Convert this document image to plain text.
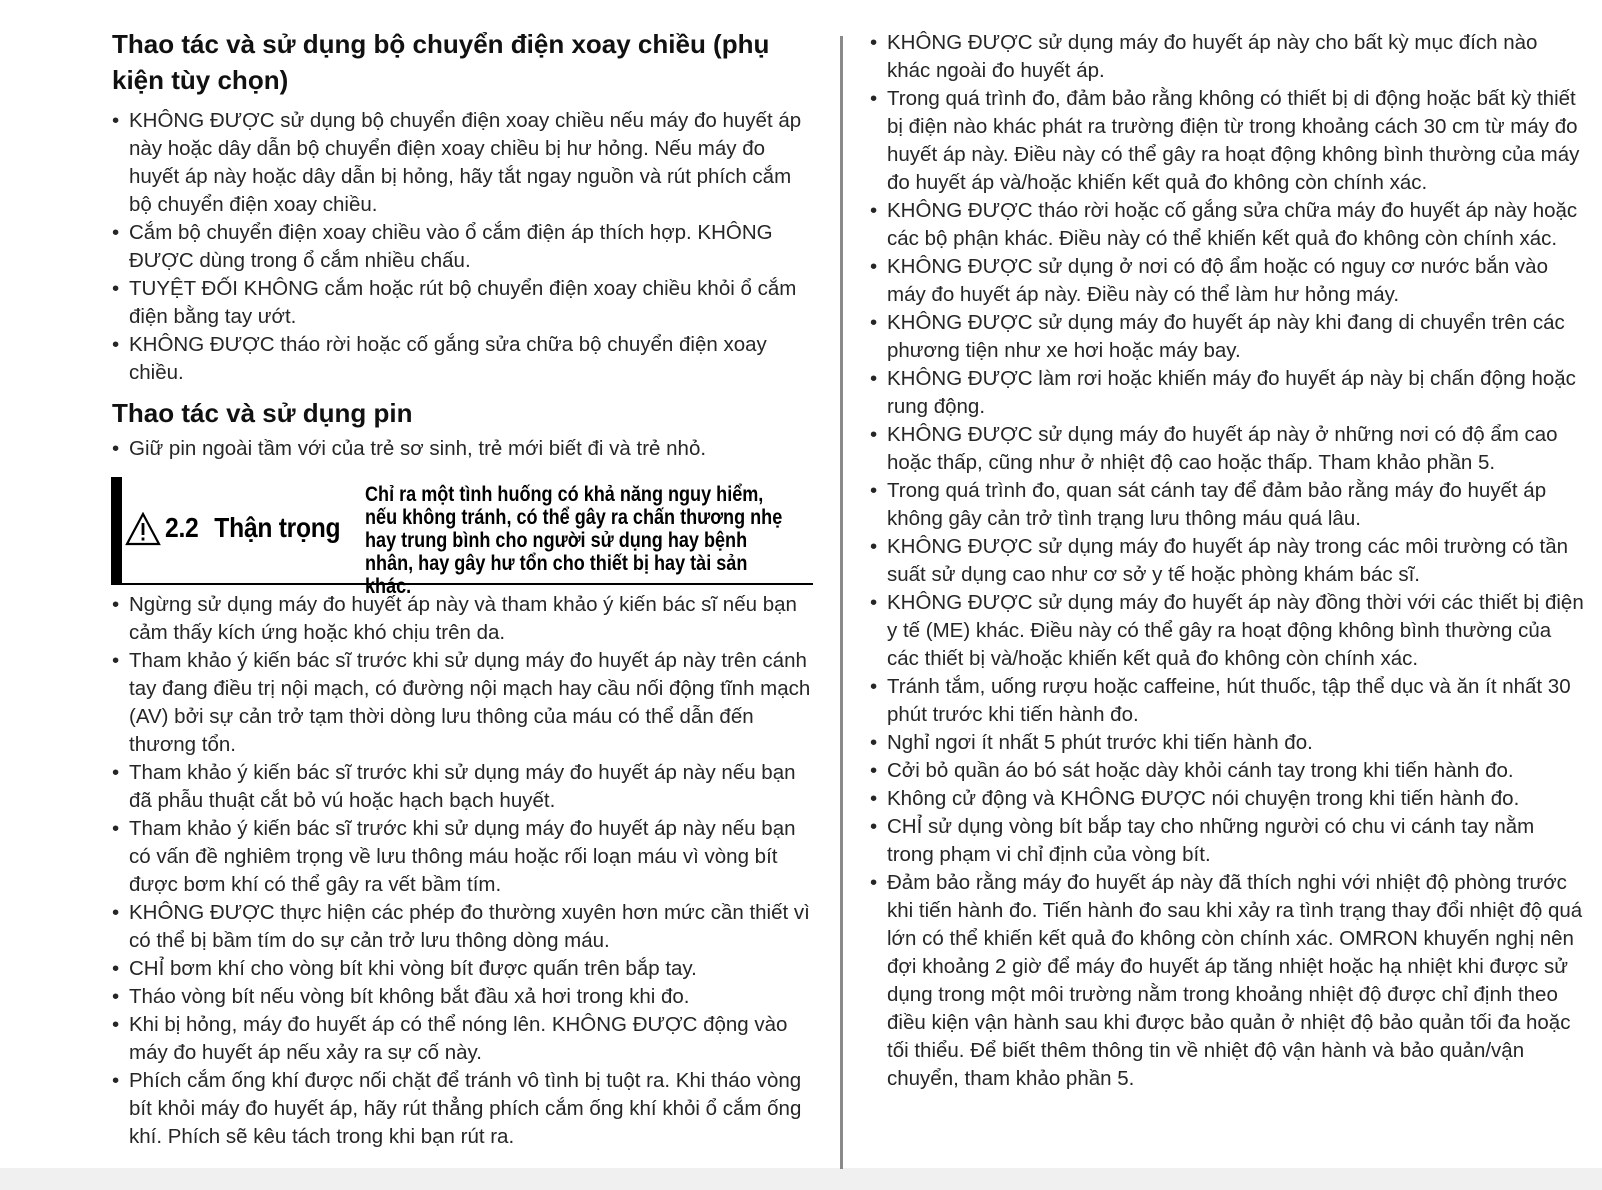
Thao tác và sử dụng bộ chuyển điện xoay chiều (phụ kiện tùy chọn)
• KHÔNG ĐƯỢC sử dụng bộ chuyển điện xoay chiều nếu máy đo huyết áp này hoặc dây dẫn bộ chuyển điện xoay chiều bị hư hỏng. Nếu máy đo huyết áp này hoặc dây dẫn bị hỏng, hãy tắt ngay nguồn và rút phích cắm bộ chuyển điện xoay chiều.
• Cắm bộ chuyển điện xoay chiều vào ổ cắm điện áp thích hợp. KHÔNG ĐƯỢC dùng trong ổ cắm nhiều chấu.
• TUYỆT ĐỐI KHÔNG cắm hoặc rút bộ chuyển điện xoay chiều khỏi ổ cắm điện bằng tay ướt.
• KHÔNG ĐƯỢC tháo rời hoặc cố gắng sửa chữa bộ chuyển điện xoay chiều.
Thao tác và sử dụng pin
• Giữ pin ngoài tầm với của trẻ sơ sinh, trẻ mới biết đi và trẻ nhỏ.
2.2 Thận trọng
Chỉ ra một tình huống có khả năng nguy hiểm, nếu không tránh, có thể gây ra chấn thương nhẹ hay trung bình cho người sử dụng hay bệnh nhân, hay gây hư tổn cho thiết bị hay tài sản khác.
• Ngừng sử dụng máy đo huyết áp này và tham khảo ý kiến bác sĩ nếu bạn cảm thấy kích ứng hoặc khó chịu trên da.
• Tham khảo ý kiến bác sĩ trước khi sử dụng máy đo huyết áp này trên cánh tay đang điều trị nội mạch, có đường nội mạch hay cầu nối động tĩnh mạch (AV) bởi sự cản trở tạm thời dòng lưu thông của máu có thể dẫn đến thương tổn.
• Tham khảo ý kiến bác sĩ trước khi sử dụng máy đo huyết áp này nếu bạn đã phẫu thuật cắt bỏ vú hoặc hạch bạch huyết.
• Tham khảo ý kiến bác sĩ trước khi sử dụng máy đo huyết áp này nếu bạn có vấn đề nghiêm trọng về lưu thông máu hoặc rối loạn máu vì vòng bít được bơm khí có thể gây ra vết bầm tím.
• KHÔNG ĐƯỢC thực hiện các phép đo thường xuyên hơn mức cần thiết vì có thể bị bầm tím do sự cản trở lưu thông dòng máu.
• CHỈ bơm khí cho vòng bít khi vòng bít được quấn trên bắp tay.
• Tháo vòng bít nếu vòng bít không bắt đầu xả hơi trong khi đo.
• Khi bị hỏng, máy đo huyết áp có thể nóng lên. KHÔNG ĐƯỢC động vào máy đo huyết áp nếu xảy ra sự cố này.
• Phích cắm ống khí được nối chặt để tránh vô tình bị tuột ra. Khi tháo vòng bít khỏi máy đo huyết áp, hãy rút thẳng phích cắm ống khí khỏi ổ cắm ống khí. Phích sẽ kêu tách trong khi bạn rút ra.
• KHÔNG ĐƯỢC sử dụng máy đo huyết áp này cho bất kỳ mục đích nào khác ngoài đo huyết áp.
• Trong quá trình đo, đảm bảo rằng không có thiết bị di động hoặc bất kỳ thiết bị điện nào khác phát ra trường điện từ trong khoảng cách 30 cm từ máy đo huyết áp này. Điều này có thể gây ra hoạt động không bình thường của máy đo huyết áp và/hoặc khiến kết quả đo không còn chính xác.
• KHÔNG ĐƯỢC tháo rời hoặc cố gắng sửa chữa máy đo huyết áp này hoặc các bộ phận khác. Điều này có thể khiến kết quả đo không còn chính xác.
• KHÔNG ĐƯỢC sử dụng ở nơi có độ ẩm hoặc có nguy cơ nước bắn vào máy đo huyết áp này. Điều này có thể làm hư hỏng máy.
• KHÔNG ĐƯỢC sử dụng máy đo huyết áp này khi đang di chuyển trên các phương tiện như xe hơi hoặc máy bay.
• KHÔNG ĐƯỢC làm rơi hoặc khiến máy đo huyết áp này bị chấn động hoặc rung động.
• KHÔNG ĐƯỢC sử dụng máy đo huyết áp này ở những nơi có độ ẩm cao hoặc thấp, cũng như ở nhiệt độ cao hoặc thấp. Tham khảo phần 5.
• Trong quá trình đo, quan sát cánh tay để đảm bảo rằng máy đo huyết áp không gây cản trở tình trạng lưu thông máu quá lâu.
• KHÔNG ĐƯỢC sử dụng máy đo huyết áp này trong các môi trường có tần suất sử dụng cao như cơ sở y tế hoặc phòng khám bác sĩ.
• KHÔNG ĐƯỢC sử dụng máy đo huyết áp này đồng thời với các thiết bị điện y tế (ME) khác. Điều này có thể gây ra hoạt động không bình thường của các thiết bị và/hoặc khiến kết quả đo không còn chính xác.
• Tránh tắm, uống rượu hoặc caffeine, hút thuốc, tập thể dục và ăn ít nhất 30 phút trước khi tiến hành đo.
• Nghỉ ngơi ít nhất 5 phút trước khi tiến hành đo.
• Cởi bỏ quần áo bó sát hoặc dày khỏi cánh tay trong khi tiến hành đo.
• Không cử động và KHÔNG ĐƯỢC nói chuyện trong khi tiến hành đo.
• CHỈ sử dụng vòng bít bắp tay cho những người có chu vi cánh tay nằm trong phạm vi chỉ định của vòng bít.
• Đảm bảo rằng máy đo huyết áp này đã thích nghi với nhiệt độ phòng trước khi tiến hành đo. Tiến hành đo sau khi xảy ra tình trạng thay đổi nhiệt độ quá lớn có thể khiến kết quả đo không còn chính xác. OMRON khuyến nghị nên đợi khoảng 2 giờ để máy đo huyết áp tăng nhiệt hoặc hạ nhiệt khi được sử dụng trong một môi trường nằm trong khoảng nhiệt độ được chỉ định theo điều kiện vận hành sau khi được bảo quản ở nhiệt độ bảo quản tối đa hoặc tối thiểu. Để biết thêm thông tin về nhiệt độ vận hành và bảo quản/vận chuyển, tham khảo phần 5.
